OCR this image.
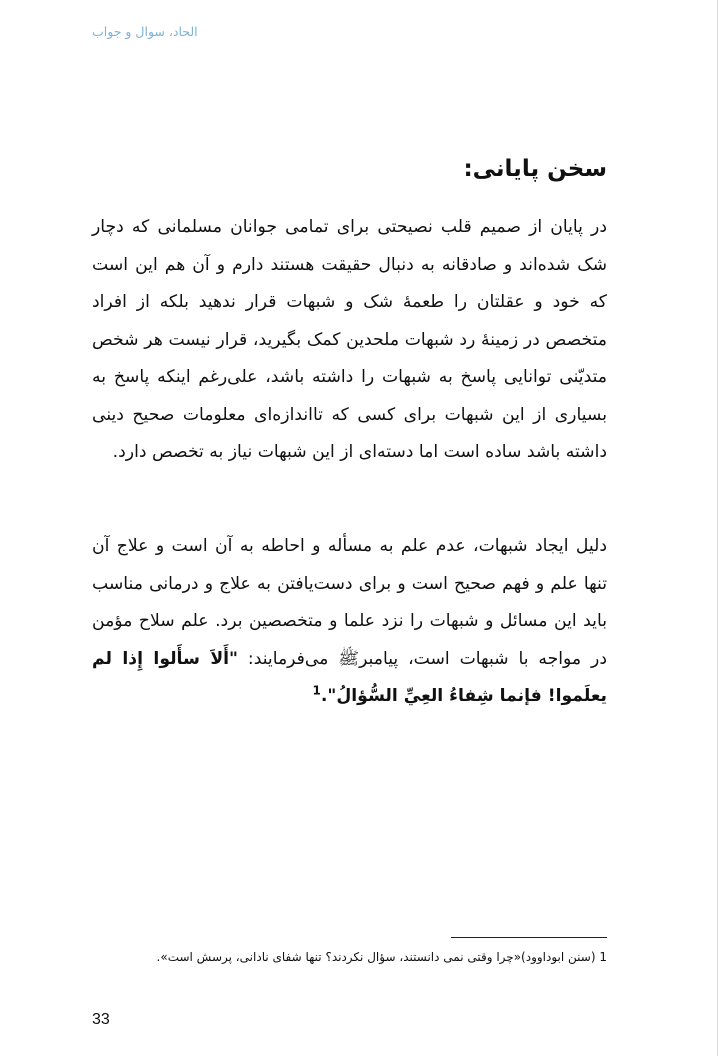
الحاد، سوال و جواب
سخن پایانی:

در پایان از صمیم قلب نصیحتی برای تمامی جوانان مسلمانی که دچار شک شده‌اند و صادقانه به دنبال حقیقت هستند دارم و آن هم این است که خود و عقلتان را طعمۀ شک و شبهات قرار ندهید بلکه از افراد متخصص در زمینۀ رد شبهات ملحدین کمک بگیرید، قرار نیست هر شخص متدیّنی توانایی پاسخ به شبهات را داشته باشد، علی‌رغم اینکه پاسخ به بسیاری از این شبهات برای کسی که تااندازه‌ای معلومات صحیح دینی داشته باشد ساده است اما دسته‌ای از این شبهات نیاز به تخصص دارد.

دلیل ایجاد شبهات، عدم علم به مسأله و احاطه به آن است و علاج آن تنها علم و فهم صحیح است و برای دست‌یافتن به علاج و درمانی مناسب باید این مسائل و شبهات را نزد علما و متخصصین برد. علم سلاح مؤمن در مواجه با شبهات است، پیامبرﷺ می‌فرمایند: "أَلاَ سأَلوا إِذا لم يعلَموا! فإنما شِفاءُ العِيِّ السُّؤالُ".$^1$

1 (سنن ابوداوود)«چرا وقتی نمی دانستند، سؤال نکردند؟ تنها شفای نادانی، پرسش است».
33
